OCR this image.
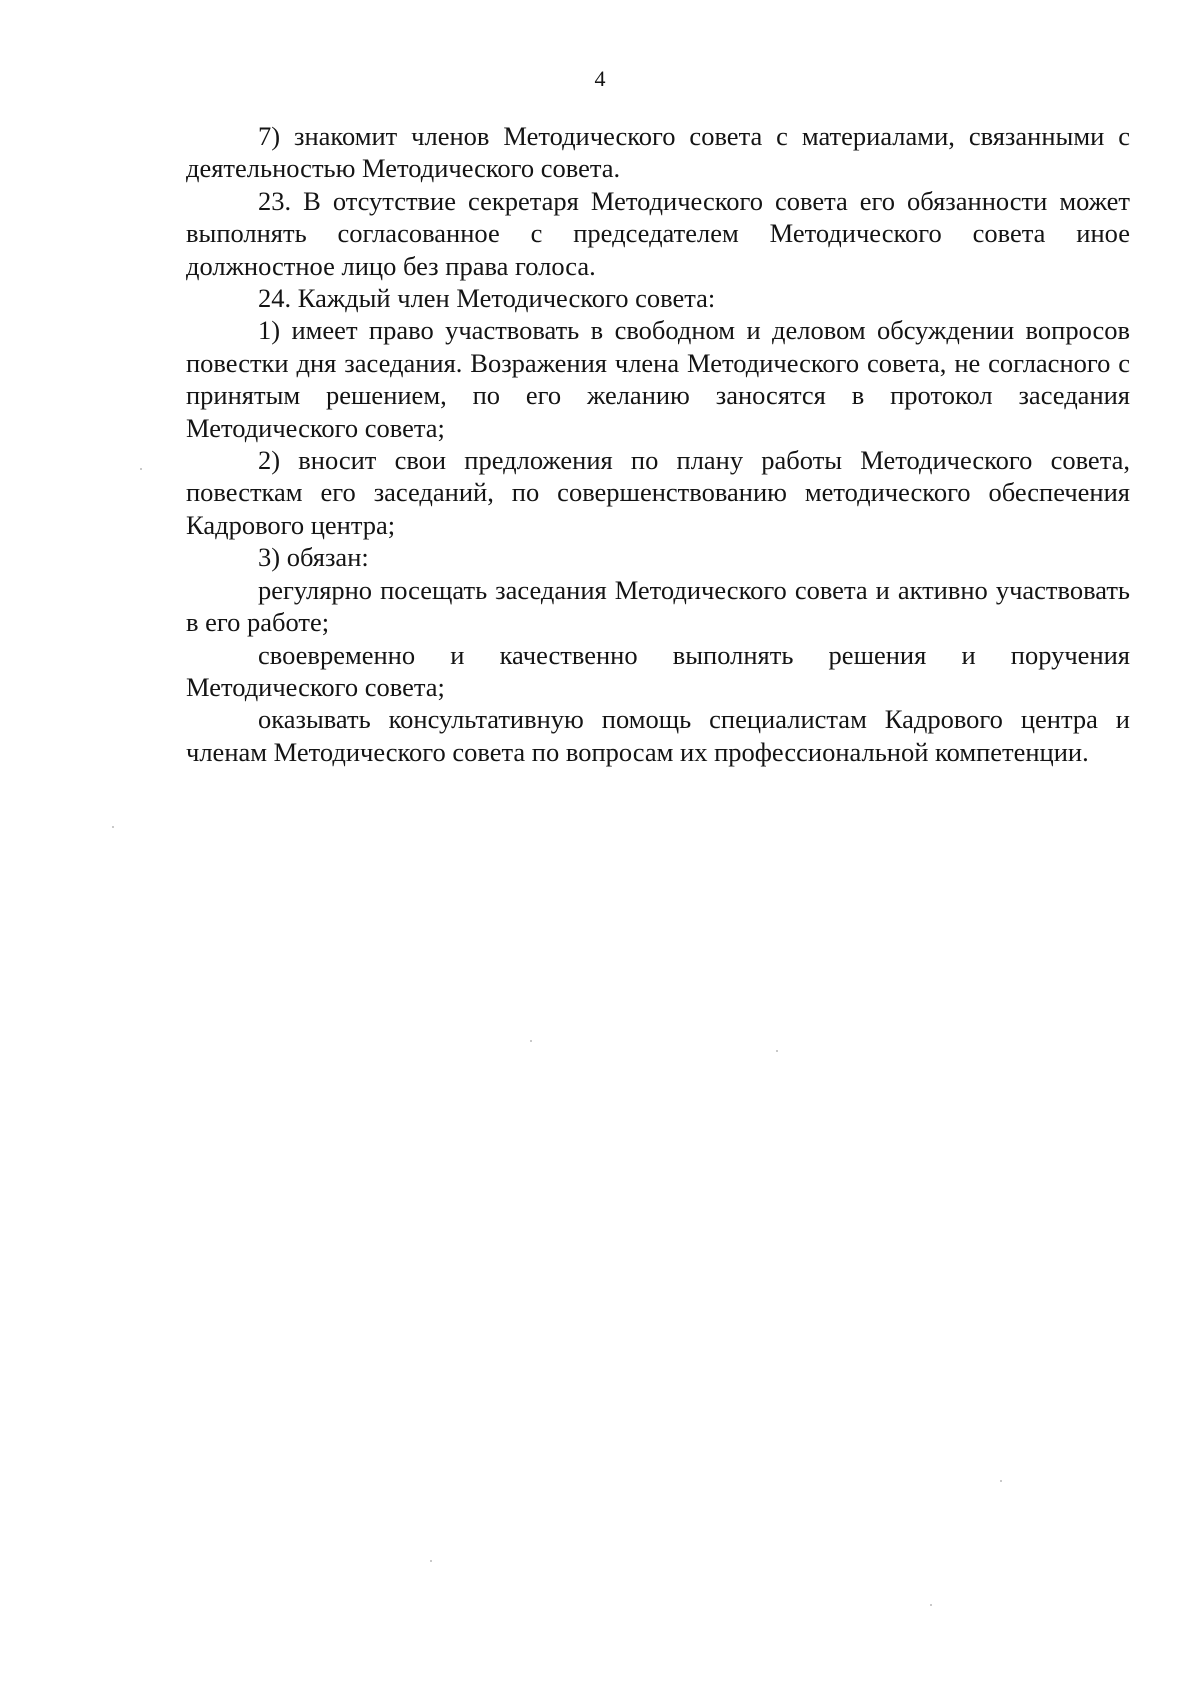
4

7) знакомит членов Методического совета с материалами, связанными с деятельностью Методического совета.

23. В отсутствие секретаря Методического совета его обязанности может выполнять согласованное с председателем Методического совета иное должностное лицо без права голоса.

24. Каждый член Методического совета:

1) имеет право участвовать в свободном и деловом обсуждении вопросов повестки дня заседания. Возражения члена Методического совета, не согласного с принятым решением, по его желанию заносятся в протокол заседания Методического совета;

2) вносит свои предложения по плану работы Методического совета, повесткам его заседаний, по совершенствованию методического обеспечения Кадрового центра;

3) обязан:

регулярно посещать заседания Методического совета и активно участвовать в его работе;

своевременно и качественно выполнять решения и поручения Методического совета;

оказывать консультативную помощь специалистам Кадрового центра и членам Методического совета по вопросам их профессиональной компетенции.
